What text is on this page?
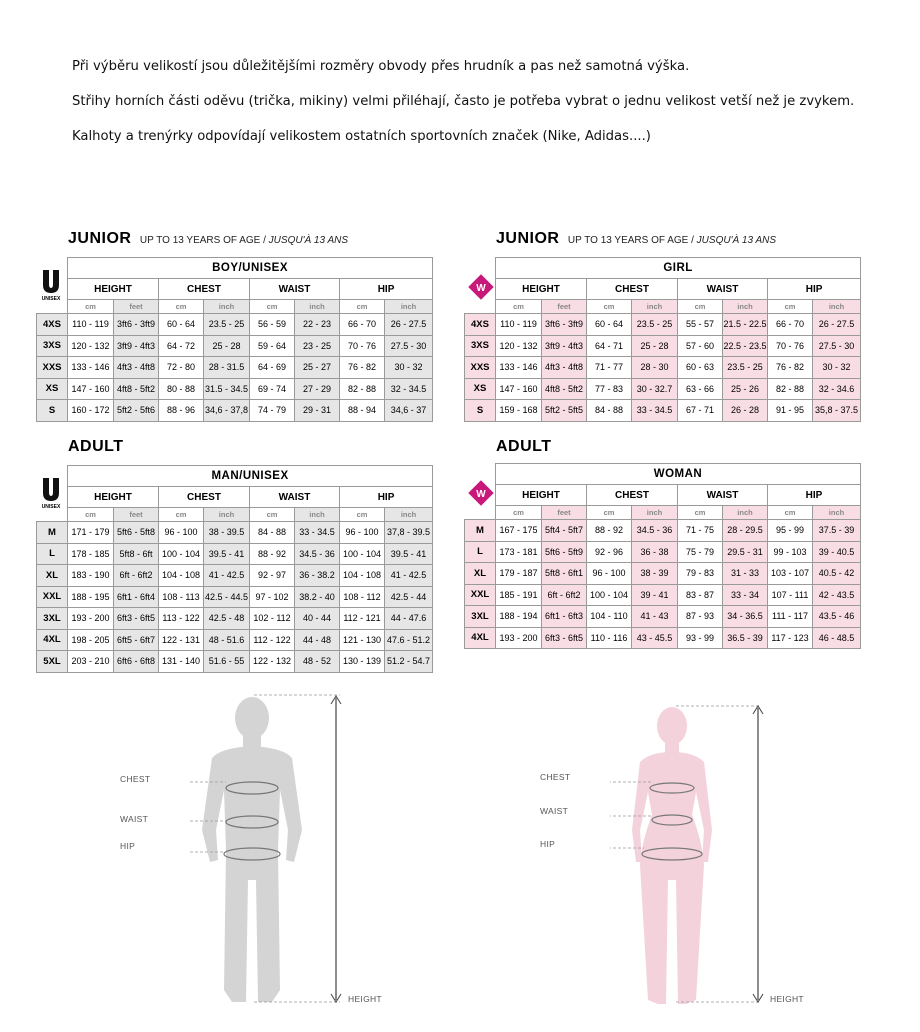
Při výběru velikostí jsou důležitějšími rozměry obvody přes hrudník a pas než samotná výška.

Střihy horních části oděvu (trička, mikiny) velmi přiléhají, často je potřeba vybrat o jednu velikost vetší než je zvykem.

Kalhoty a trenýrky odpovídají velikostem ostatních sportovních značek (Nike, Adidas....)

JUNIOR UP TO 13 YEARS OF AGE / JUSQU'À 13 ANS
UNISEX
	BOY/UNISEX							
	HEIGHT		CHEST		WAIST		HIP	
	cm	feet	cm	inch	cm	inch	cm	inch
4XS	110 - 119	3ft6 - 3ft9	60 - 64	23.5 - 25	56 - 59	22 - 23	66 - 70	26 - 27.5
3XS	120 - 132	3ft9 - 4ft3	64 - 72	25 - 28	59 - 64	23 - 25	70 - 76	27.5 - 30
XXS	133 - 146	4ft3 - 4ft8	72 - 80	28 - 31.5	64 - 69	25 - 27	76 - 82	30 - 32
XS	147 - 160	4ft8 - 5ft2	80 - 88	31.5 - 34.5	69 - 74	27 - 29	82 - 88	32 - 34.5
S	160 - 172	5ft2 - 5ft6	88 - 96	34,6 - 37,8	74 - 79	29 - 31	88 - 94	34,6 - 37
JUNIOR UP TO 13 YEARS OF AGE / JUSQU'À 13 ANS
W
	GIRL							
	HEIGHT		CHEST		WAIST		HIP	
	cm	feet	cm	inch	cm	inch	cm	inch
4XS	110 - 119	3ft6 - 3ft9	60 - 64	23.5 - 25	55 - 57	21.5 - 22.5	66 - 70	26 - 27.5
3XS	120 - 132	3ft9 - 4ft3	64 - 71	25 - 28	57 - 60	22.5 - 23.5	70 - 76	27.5 - 30
XXS	133 - 146	4ft3 - 4ft8	71 - 77	28 - 30	60 - 63	23.5 - 25	76 - 82	30 - 32
XS	147 - 160	4ft8 - 5ft2	77 - 83	30 - 32.7	63 - 66	25 - 26	82 - 88	32 - 34.6
S	159 - 168	5ft2 - 5ft5	84 - 88	33 - 34.5	67 - 71	26 - 28	91 - 95	35,8 - 37.5
ADULT
UNISEX
	MAN/UNISEX							
	HEIGHT		CHEST		WAIST		HIP	
	cm	feet	cm	inch	cm	inch	cm	inch
M	171 - 179	5ft6 - 5ft8	96 - 100	38 - 39.5	84 - 88	33 - 34.5	96 - 100	37,8 - 39.5
L	178 - 185	5ft8 - 6ft	100 - 104	39.5 - 41	88 - 92	34.5 - 36	100 - 104	39.5 - 41
XL	183 - 190	6ft - 6ft2	104 - 108	41 - 42.5	92 - 97	36 - 38.2	104 - 108	41 - 42.5
XXL	188 - 195	6ft1 - 6ft4	108 - 113	42.5 - 44.5	97 - 102	38.2 - 40	108 - 112	42.5 - 44
3XL	193 - 200	6ft3 - 6ft5	113 - 122	42.5 - 48	102 - 112	40 - 44	112 - 121	44 - 47.6
4XL	198 - 205	6ft5 - 6ft7	122 - 131	48 - 51.6	112 - 122	44 - 48	121 - 130	47.6 - 51.2
5XL	203 - 210	6ft6 - 6ft8	131 - 140	51.6 - 55	122 - 132	48 - 52	130 - 139	51.2 - 54.7
ADULT
W
	WOMAN							
	HEIGHT		CHEST		WAIST		HIP	
	cm	feet	cm	inch	cm	inch	cm	inch
M	167 - 175	5ft4 - 5ft7	88 - 92	34.5 - 36	71 - 75	28 - 29.5	95 - 99	37.5 - 39
L	173 - 181	5ft6 - 5ft9	92 - 96	36 - 38	75 - 79	29.5 - 31	99 - 103	39 - 40.5
XL	179 - 187	5ft8 - 6ft1	96 - 100	38 - 39	79 - 83	31 - 33	103 - 107	40.5 - 42
XXL	185 - 191	6ft - 6ft2	100 - 104	39 - 41	83 - 87	33 - 34	107 - 111	42 - 43.5
3XL	188 - 194	6ft1 - 6ft3	104 - 110	41 - 43	87 - 93	34 - 36.5	111 - 117	43.5 - 46
4XL	193 - 200	6ft3 - 6ft5	110 - 116	43 - 45.5	93 - 99	36.5 - 39	117 - 123	46 - 48.5
CHEST
WAIST
HIP
HEIGHT
CHEST
WAIST
HIP
HEIGHT
